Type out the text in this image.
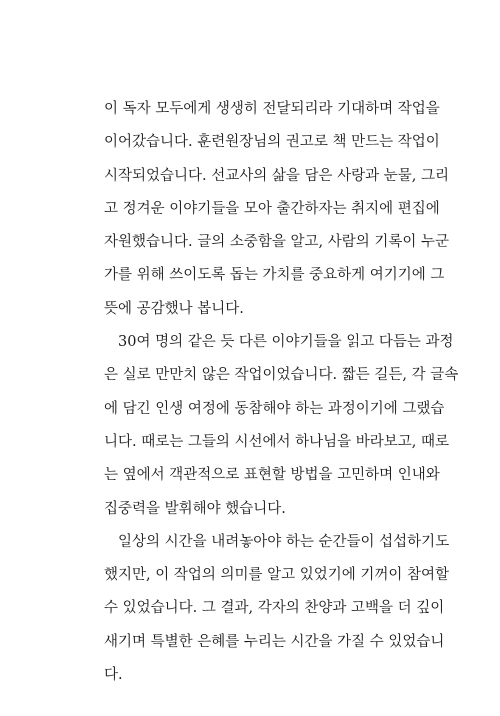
이 독자 모두에게 생생히 전달되리라 기대하며 작업을
이어갔습니다. 훈련원장님의 권고로 책 만드는 작업이
시작되었습니다. 선교사의 삶을 담은 사랑과 눈물, 그리
고 정겨운 이야기들을 모아 출간하자는 취지에 편집에
자원했습니다. 글의 소중함을 알고, 사람의 기록이 누군
가를 위해 쓰이도록 돕는 가치를 중요하게 여기기에 그
뜻에 공감했나 봅니다.
30여 명의 같은 듯 다른 이야기들을 읽고 다듬는 과정
은 실로 만만치 않은 작업이었습니다. 짧든 길든, 각 글속
에 담긴 인생 여정에 동참해야 하는 과정이기에 그랬습
니다. 때로는 그들의 시선에서 하나님을 바라보고, 때로
는 옆에서 객관적으로 표현할 방법을 고민하며 인내와
집중력을 발휘해야 했습니다.
일상의 시간을 내려놓아야 하는 순간들이 섭섭하기도
했지만, 이 작업의 의미를 알고 있었기에 기꺼이 참여할
수 있었습니다. 그 결과, 각자의 찬양과 고백을 더 깊이
새기며 특별한 은혜를 누리는 시간을 가질 수 있었습니
다.
